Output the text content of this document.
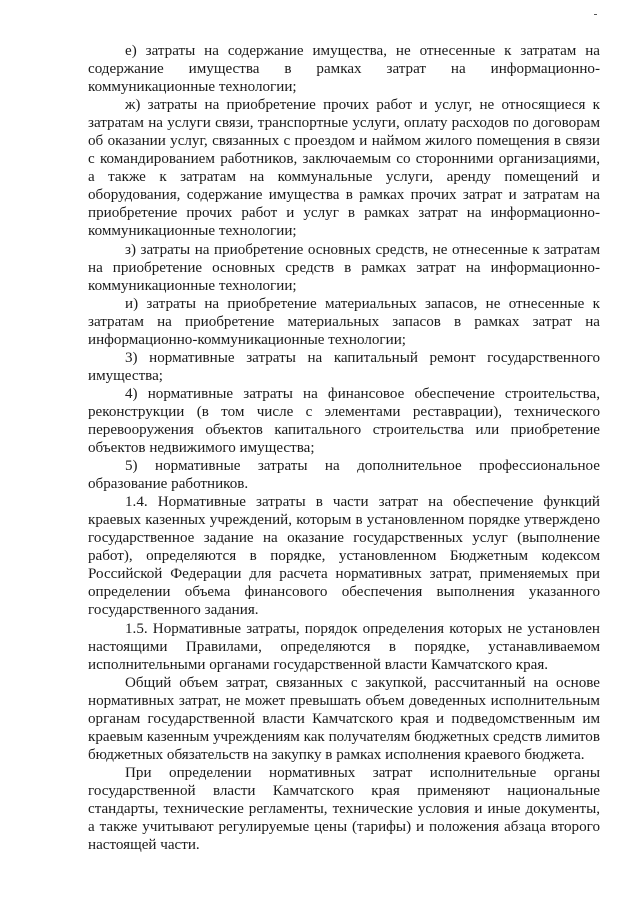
е) затраты на содержание имущества, не отнесенные к затратам на содержание имущества в рамках затрат на информационно-коммуникационные технологии;

ж) затраты на приобретение прочих работ и услуг, не относящиеся к затратам на услуги связи, транспортные услуги, оплату расходов по договорам об оказании услуг, связанных с проездом и наймом жилого помещения в связи с командированием работников, заключаемым со сторонними организациями, а также к затратам на коммунальные услуги, аренду помещений и оборудования, содержание имущества в рамках прочих затрат и затратам на приобретение прочих работ и услуг в рамках затрат на информационно-коммуникационные технологии;

з) затраты на приобретение основных средств, не отнесенные к затратам на приобретение основных средств в рамках затрат на информационно-коммуникационные технологии;

и) затраты на приобретение материальных запасов, не отнесенные к затратам на приобретение материальных запасов в рамках затрат на информационно-коммуникационные технологии;

3) нормативные затраты на капитальный ремонт государственного имущества;

4) нормативные затраты на финансовое обеспечение строительства, реконструкции (в том числе с элементами реставрации), технического перевооружения объектов капитального строительства или приобретение объектов недвижимого имущества;

5) нормативные затраты на дополнительное профессиональное образование работников.

1.4. Нормативные затраты в части затрат на обеспечение функций краевых казенных учреждений, которым в установленном порядке утверждено государственное задание на оказание государственных услуг (выполнение работ), определяются в порядке, установленном Бюджетным кодексом Российской Федерации для расчета нормативных затрат, применяемых при определении объема финансового обеспечения выполнения указанного государственного задания.

1.5. Нормативные затраты, порядок определения которых не установлен настоящими Правилами, определяются в порядке, устанавливаемом исполнительными органами государственной власти Камчатского края.

Общий объем затрат, связанных с закупкой, рассчитанный на основе нормативных затрат, не может превышать объем доведенных исполнительным органам государственной власти Камчатского края и подведомственным им краевым казенным учреждениям как получателям бюджетных средств лимитов бюджетных обязательств на закупку в рамках исполнения краевого бюджета.

При определении нормативных затрат исполнительные органы государственной власти Камчатского края применяют национальные стандарты, технические регламенты, технические условия и иные документы, а также учитывают регулируемые цены (тарифы) и положения абзаца второго настоящей части.
